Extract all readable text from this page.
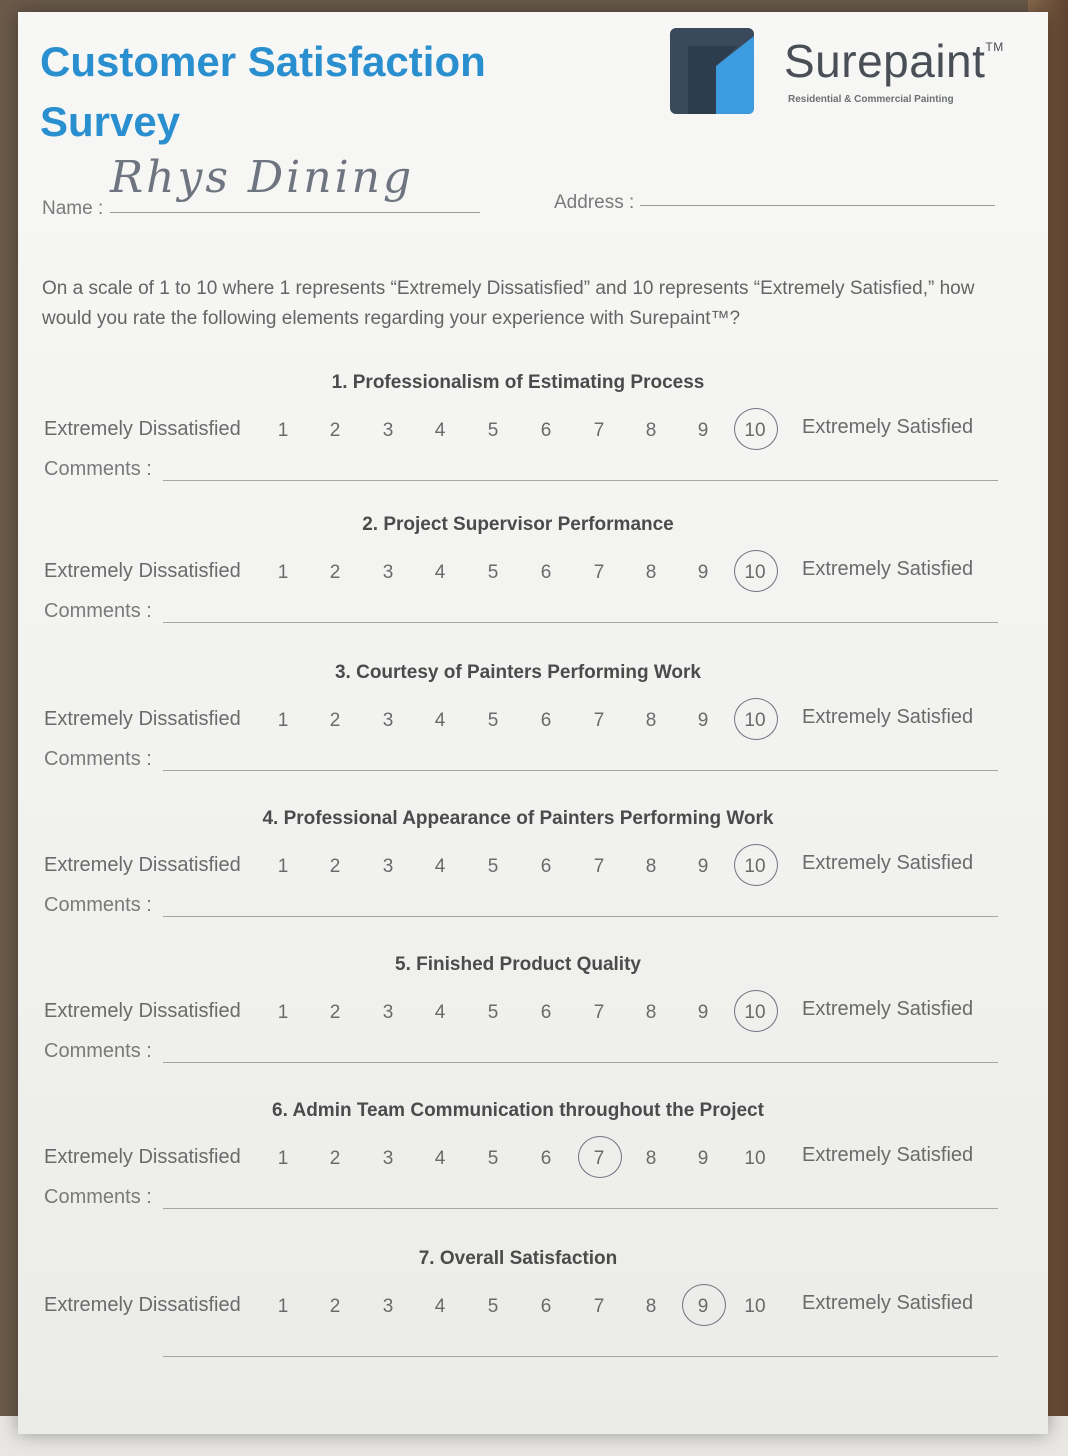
Customer Satisfaction Survey
Surepaint™
Residential & Commercial Painting
Name :
Rhys Dining	Address :
On a scale of 1 to 10 where 1 represents “Extremely Dissatisfied” and 10 represents “Extremely Satisfied,” how would you rate the following elements regarding your experience with Surepaint™?
1. Professionalism of Estimating Process
Extremely Dissatisfied	1	2	3	4	5	6	7	8	9	10 Extremely Satisfied
Comments :
2. Project Supervisor Performance
Extremely Dissatisfied	1	2	3	4	5	6	7	8	9	10 Extremely Satisfied
Comments :
3. Courtesy of Painters Performing Work
Extremely Dissatisfied	1	2	3	4	5	6	7	8	9	10 Extremely Satisfied
Comments :
4. Professional Appearance of Painters Performing Work
Extremely Dissatisfied	1	2	3	4	5	6	7	8	9	10 Extremely Satisfied
Comments :
5. Finished Product Quality
Extremely Dissatisfied	1	2	3	4	5	6	7	8	9	10 Extremely Satisfied
Comments :
6. Admin Team Communication throughout the Project
Extremely Dissatisfied	1	2	3	4	5	6	7	8	9	10 Extremely Satisfied
Comments :
7. Overall Satisfaction
Extremely Dissatisfied	1	2	3	4	5	6	7	8	9	10 Extremely Satisfied
